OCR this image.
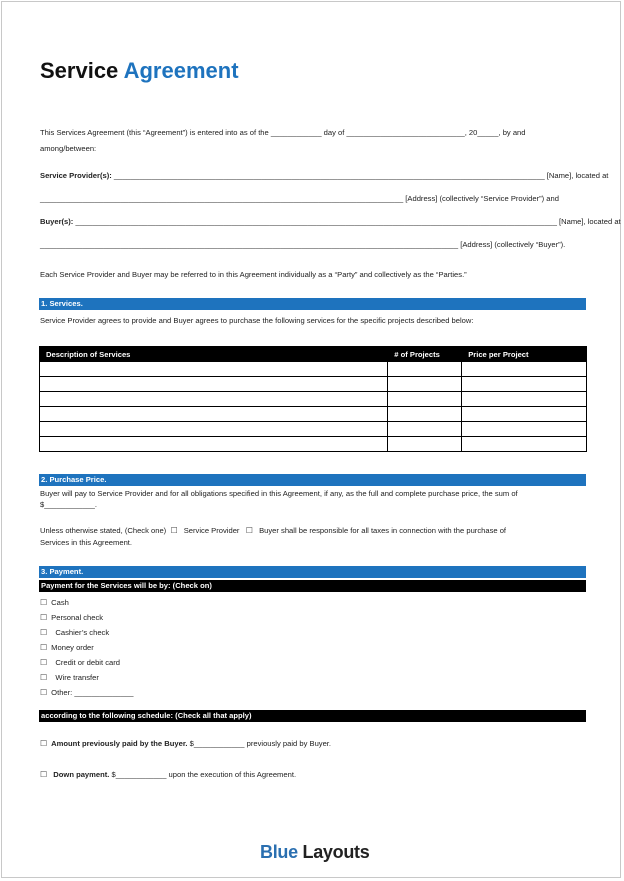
Service Agreement
This Services Agreement (this “Agreement”) is entered into as of the ____________ day of ____________________________, 20_____, by and
among/between:
Service Provider(s): ______________________________________________________________________________________________________ [Name], located at
______________________________________________________________________________________ [Address] (collectively “Service Provider”) and
Buyer(s): __________________________________________________________________________________________________________________ [Name], located at
___________________________________________________________________________________________________ [Address] (collectively “Buyer”).
Each Service Provider and Buyer may be referred to in this Agreement individually as a “Party” and collectively as the “Parties.”
1. Services.
Service Provider agrees to provide and Buyer agrees to purchase the following services for the specific projects described below:
Description of Services	# of Projects	Price per Project

2. Purchase Price.
Buyer will pay to Service Provider and for all obligations specified in this Agreement, if any, as the full and complete purchase price, the sum of
$____________.
Unless otherwise stated, (Check one) ☐ Service Provider ☐ Buyer shall be responsible for all taxes in connection with the purchase of
Services in this Agreement.
3. Payment.
Payment for the Services will be by: (Check on)
☐ Cash
☐ Personal check
☐  Cashier’s check
☐ Money order
☐  Credit or debit card
☐  Wire transfer
☐ Other: ______________
according to the following schedule: (Check all that apply)
☐ Amount previously paid by the Buyer. $____________ previously paid by Buyer.
☐ Down payment. $____________ upon the execution of this Agreement.
Blue Layouts
